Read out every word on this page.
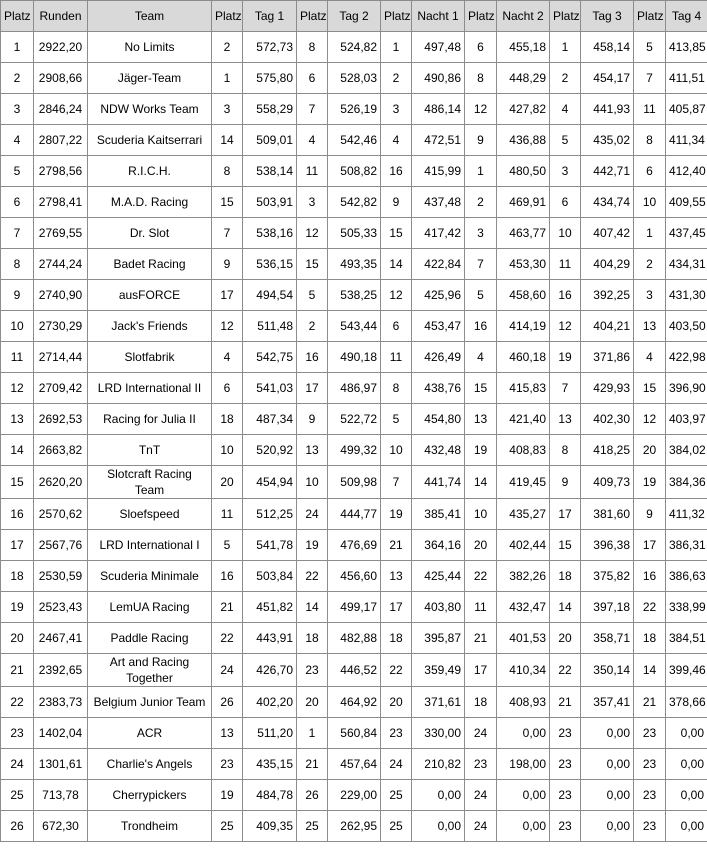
Platz	Runden	Team	Platz	Tag 1	Platz	Tag 2	Platz	Nacht 1	Platz	Nacht 2	Platz	Tag 3	Platz	Tag 4
1	2922,20	No Limits	2	572,73	8	524,82	1	497,48	6	455,18	1	458,14	5	413,85
2	2908,66	Jäger-Team	1	575,80	6	528,03	2	490,86	8	448,29	2	454,17	7	411,51
3	2846,24	NDW Works Team	3	558,29	7	526,19	3	486,14	12	427,82	4	441,93	11	405,87
4	2807,22	Scuderia Kaitserrari	14	509,01	4	542,46	4	472,51	9	436,88	5	435,02	8	411,34
5	2798,56	R.I.C.H.	8	538,14	11	508,82	16	415,99	1	480,50	3	442,71	6	412,40
6	2798,41	M.A.D. Racing	15	503,91	3	542,82	9	437,48	2	469,91	6	434,74	10	409,55
7	2769,55	Dr. Slot	7	538,16	12	505,33	15	417,42	3	463,77	10	407,42	1	437,45
8	2744,24	Badet Racing	9	536,15	15	493,35	14	422,84	7	453,30	11	404,29	2	434,31
9	2740,90	ausFORCE	17	494,54	5	538,25	12	425,96	5	458,60	16	392,25	3	431,30
10	2730,29	Jack's Friends	12	511,48	2	543,44	6	453,47	16	414,19	12	404,21	13	403,50
11	2714,44	Slotfabrik	4	542,75	16	490,18	11	426,49	4	460,18	19	371,86	4	422,98
12	2709,42	LRD International II	6	541,03	17	486,97	8	438,76	15	415,83	7	429,93	15	396,90
13	2692,53	Racing for Julia II	18	487,34	9	522,72	5	454,80	13	421,40	13	402,30	12	403,97
14	2663,82	TnT	10	520,92	13	499,32	10	432,48	19	408,83	8	418,25	20	384,02
15	2620,20	Slotcraft Racing Team	20	454,94	10	509,98	7	441,74	14	419,45	9	409,73	19	384,36
16	2570,62	Sloefspeed	11	512,25	24	444,77	19	385,41	10	435,27	17	381,60	9	411,32
17	2567,76	LRD International I	5	541,78	19	476,69	21	364,16	20	402,44	15	396,38	17	386,31
18	2530,59	Scuderia Minimale	16	503,84	22	456,60	13	425,44	22	382,26	18	375,82	16	386,63
19	2523,43	LemUA Racing	21	451,82	14	499,17	17	403,80	11	432,47	14	397,18	22	338,99
20	2467,41	Paddle Racing	22	443,91	18	482,88	18	395,87	21	401,53	20	358,71	18	384,51
21	2392,65	Art and Racing Together	24	426,70	23	446,52	22	359,49	17	410,34	22	350,14	14	399,46
22	2383,73	Belgium Junior Team	26	402,20	20	464,92	20	371,61	18	408,93	21	357,41	21	378,66
23	1402,04	ACR	13	511,20	1	560,84	23	330,00	24	0,00	23	0,00	23	0,00
24	1301,61	Charlie's Angels	23	435,15	21	457,64	24	210,82	23	198,00	23	0,00	23	0,00
25	713,78	Cherrypickers	19	484,78	26	229,00	25	0,00	24	0,00	23	0,00	23	0,00
26	672,30	Trondheim	25	409,35	25	262,95	25	0,00	24	0,00	23	0,00	23	0,00
